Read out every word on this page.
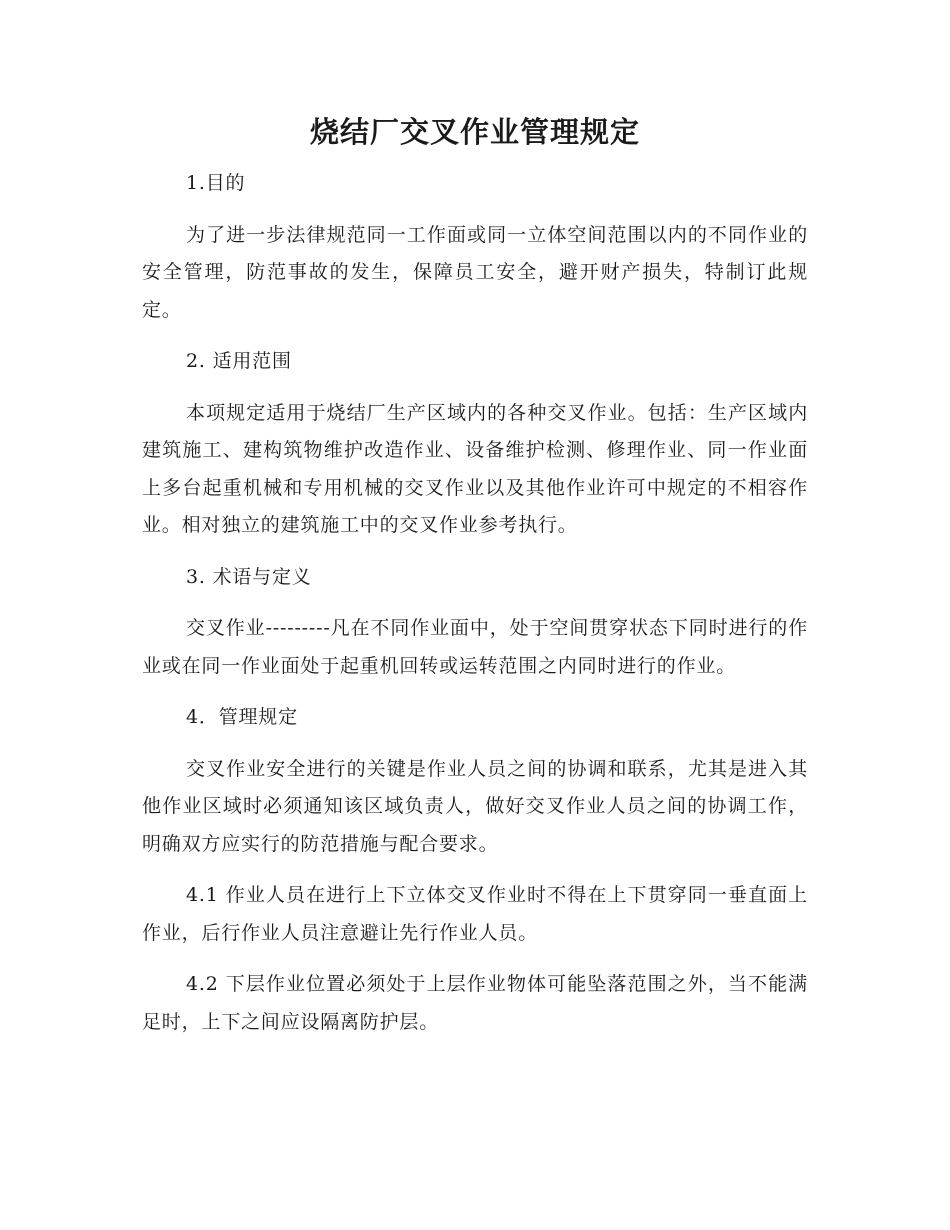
烧结厂交叉作业管理规定

1.目的

为了进一步法律规范同一工作面或同一立体空间范围以内的不同作业的安全管理，防范事故的发生，保障员工安全，避开财产损失，特制订此规定。

2. 适用范围

本项规定适用于烧结厂生产区域内的各种交叉作业。包括：生产区域内建筑施工、建构筑物维护改造作业、设备维护检测、修理作业、同一作业面上多台起重机械和专用机械的交叉作业以及其他作业许可中规定的不相容作业。相对独立的建筑施工中的交叉作业参考执行。

3. 术语与定义

交叉作业---------凡在不同作业面中，处于空间贯穿状态下同时进行的作业或在同一作业面处于起重机回转或运转范围之内同时进行的作业。

4．管理规定

交叉作业安全进行的关键是作业人员之间的协调和联系，尤其是进入其他作业区域时必须通知该区域负责人，做好交叉作业人员之间的协调工作，明确双方应实行的防范措施与配合要求。

4.1 作业人员在进行上下立体交叉作业时不得在上下贯穿同一垂直面上作业，后行作业人员注意避让先行作业人员。

4.2 下层作业位置必须处于上层作业物体可能坠落范围之外，当不能满足时，上下之间应设隔离防护层。
